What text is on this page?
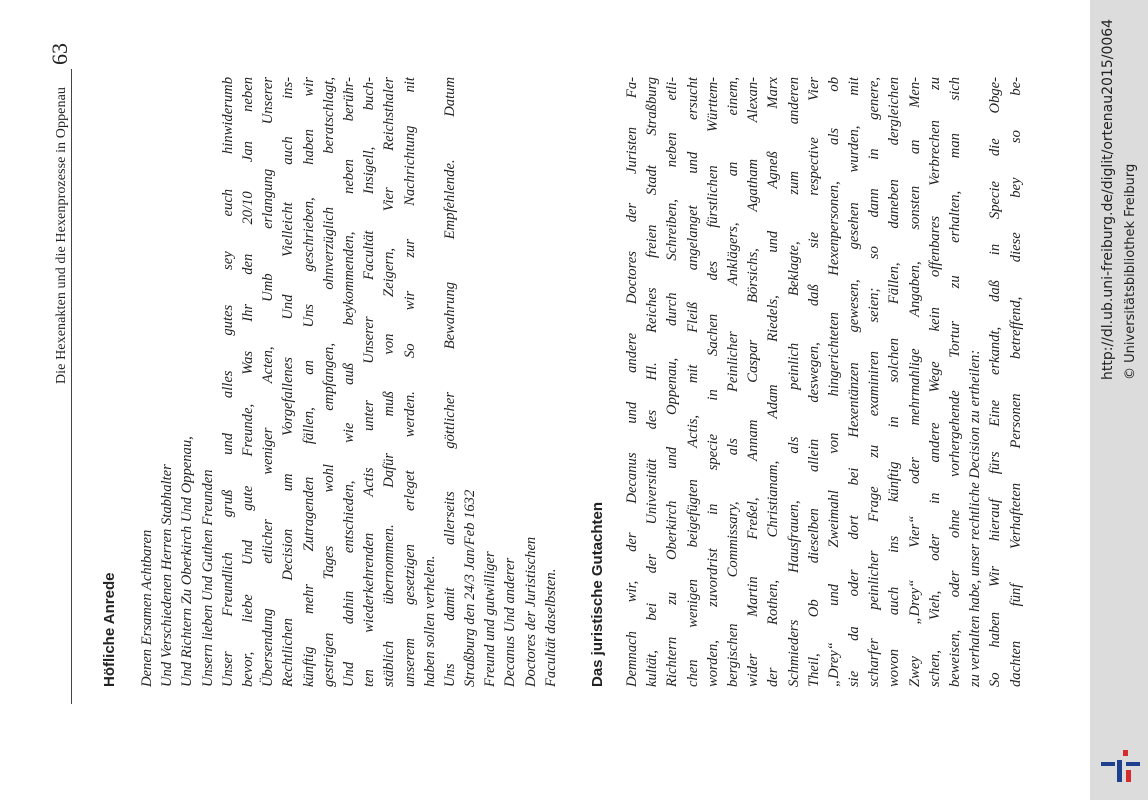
Die Hexenakten und die Hexenprozesse in Oppenau
63
Höfliche Anrede Denen Ersamen Achtbaren Und Verschiedenen Herren Stabhalter Und Richtern Zu Oberkirch Und Oppenau, Unsern lieben Und Guthen Freunden Unser Freundlich gruß und alles gutes sey euch hinwiderumb bevor, liebe Und gute Freunde, Was Ihr den 20/10 Jan neben Übersendung etlicher weniger Acten, Umb erlangung Unserer Rechtlichen Decision um Vorgefallenes Und Vielleicht auch ins- künftig mehr Zutragenden fällen, an Uns geschrieben, haben wir gestrigen Tages wohl empfangen, ohnverzüglich beratschlagt, Und dahin entschieden, wie auß beykommenden, neben berühr- ten wiederkehrenden Actis unter Unserer Facultät Insigell, buch- stäblich übernommen. Dafür muß von Zeigern, Vier Reichsthaler unserem gesetzigen erleget werden. So wir zur Nachrichtung nit haben sollen verhelen. Uns damit allerseits göttlicher Bewahrung Empfehlende. Datum Straßburg den 24/3 Jan/Feb 1632 Freund und gutwilliger Decanus Und anderer Doctores der Juristischen Facultät daselbsten. Das juristische Gutachten Demnach wir, der Decanus und andere Doctores der Juristen Fa- kultät, bei der Universität des Hl. Reiches freien Stadt Straßburg Richtern zu Oberkirch und Oppenau, durch Schreiben, neben etli- chen wenigen beigefügten Actis, mit Fleiß angelanget und ersucht worden, zuvordrist in specie in Sachen des fürstlichen Württem- bergischen Commissary, als Peinlicher Anklägers, an einem, wider Martin Freßel, Annam Caspar Börsichs, Agatham Alexan- der Rothen, Christianam, Adam Riedels, und Agneß Marx Schmieders Hausfrauen, als peinlich Beklagte, zum anderen Theil, Ob dieselben allein deswegen, daß sie respective Vier „Drey“ und Zweimahl von hingerichteten Hexenpersonen, als ob sie da oder dort bei Hexentänzen gewesen, gesehen wurden, mit scharfer peinlicher Frage zu examiniren seien; so dann in genere, wovon auch ins künftig in solchen Fällen, daneben dergleichen Zwey „Drey“ Vier“ oder mehrmahlige Angaben, sonsten an Men- schen, Vieh, oder in andere Wege kein offenbares Verbrechen zu beweisen, oder ohne vorhergehende Tortur zu erhalten, man sich zu verhalten habe, unser rechtliche Decision zu ertheilen: So haben Wir hierauf fürs Eine erkandt, daß in Specie die Obge- dachten fünf Verhafteten Personen betreffend, diese bey so be-	http://dl.ub.uni-freiburg.de/diglit/ortenau2015/0064 © Universitätsbibliothek Freiburg
